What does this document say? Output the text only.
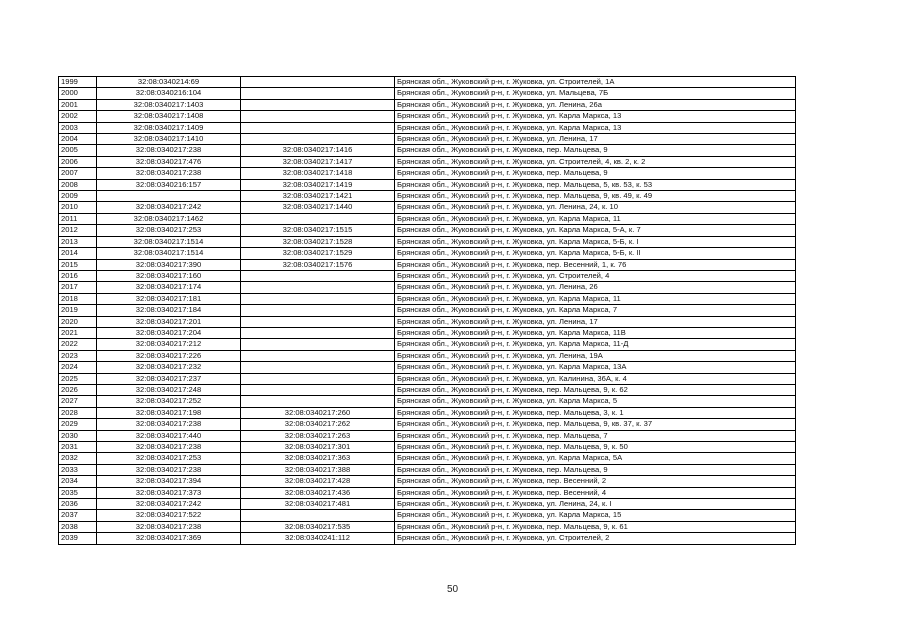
1999	32:08:0340214:69		Брянская обл., Жуковский р-н, г. Жуковка, ул. Строителей, 1А
2000	32:08:0340216:104		Брянская обл., Жуковский р-н, г. Жуковка, ул. Мальцева, 7Б
2001	32:08:0340217:1403		Брянская обл., Жуковский р-н, г. Жуковка, ул. Ленина, 26а
2002	32:08:0340217:1408		Брянская обл., Жуковский р-н, г. Жуковка, ул. Карла Маркса, 13
2003	32:08:0340217:1409		Брянская обл., Жуковский р-н, г. Жуковка, ул. Карла Маркса, 13
2004	32:08:0340217:1410		Брянская обл., Жуковский р-н, г. Жуковка, ул. Ленина, 17
2005	32:08:0340217:238	32:08:0340217:1416	Брянская обл., Жуковский р-н, г. Жуковка, пер. Мальцева, 9
2006	32:08:0340217:476	32:08:0340217:1417	Брянская обл., Жуковский р-н, г. Жуковка, ул. Строителей, 4, кв. 2, к. 2
2007	32:08:0340217:238	32:08:0340217:1418	Брянская обл., Жуковский р-н, г. Жуковка, пер. Мальцева, 9
2008	32:08:0340216:157	32:08:0340217:1419	Брянская обл., Жуковский р-н, г. Жуковка, пер. Мальцева, 5, кв. 53, к. 53
2009		32:08:0340217:1421	Брянская обл., Жуковский р-н, г. Жуковка, пер. Мальцева, 9, кв. 49, к. 49
2010	32:08:0340217:242	32:08:0340217:1440	Брянская обл., Жуковский р-н, г. Жуковка, ул. Ленина, 24, к. 10
2011	32:08:0340217:1462		Брянская обл., Жуковский р-н, г. Жуковка, ул. Карла Маркса, 11
2012	32:08:0340217:253	32:08:0340217:1515	Брянская обл., Жуковский р-н, г. Жуковка, ул. Карла Маркса, 5-А, к. 7
2013	32:08:0340217:1514	32:08:0340217:1528	Брянская обл., Жуковский р-н, г. Жуковка, ул. Карла Маркса, 5-Б, к. I
2014	32:08:0340217:1514	32:08:0340217:1529	Брянская обл., Жуковский р-н, г. Жуковка, ул. Карла Маркса, 5-Б, к. II
2015	32:08:0340217:390	32:08:0340217:1576	Брянская обл., Жуковский р-н, г. Жуковка, пер. Весенний, 1, к. 76
2016	32:08:0340217:160		Брянская обл., Жуковский р-н, г. Жуковка, ул. Строителей, 4
2017	32:08:0340217:174		Брянская обл., Жуковский р-н, г. Жуковка, ул. Ленина, 26
2018	32:08:0340217:181		Брянская обл., Жуковский р-н, г. Жуковка, ул. Карла Маркса, 11
2019	32:08:0340217:184		Брянская обл., Жуковский р-н, г. Жуковка, ул. Карла Маркса, 7
2020	32:08:0340217:201		Брянская обл., Жуковский р-н, г. Жуковка, ул. Ленина, 17
2021	32:08:0340217:204		Брянская обл., Жуковский р-н, г. Жуковка, ул. Карла Маркса, 11В
2022	32:08:0340217:212		Брянская обл., Жуковский р-н, г. Жуковка, ул. Карла Маркса, 11-Д
2023	32:08:0340217:226		Брянская обл., Жуковский р-н, г. Жуковка, ул. Ленина, 19А
2024	32:08:0340217:232		Брянская обл., Жуковский р-н, г. Жуковка, ул. Карла Маркса, 13А
2025	32:08:0340217:237		Брянская обл., Жуковский р-н, г. Жуковка, ул. Калинина, 36А, к. 4
2026	32:08:0340217:248		Брянская обл., Жуковский р-н, г. Жуковка, пер. Мальцева, 9, к. 62
2027	32:08:0340217:252		Брянская обл., Жуковский р-н, г. Жуковка, ул. Карла Маркса, 5
2028	32:08:0340217:198	32:08:0340217:260	Брянская обл., Жуковский р-н, г. Жуковка, пер. Мальцева, 3, к. 1
2029	32:08:0340217:238	32:08:0340217:262	Брянская обл., Жуковский р-н, г. Жуковка, пер. Мальцева, 9, кв. 37, к. 37
2030	32:08:0340217:440	32:08:0340217:263	Брянская обл., Жуковский р-н, г. Жуковка, пер. Мальцева, 7
2031	32:08:0340217:238	32:08:0340217:301	Брянская обл., Жуковский р-н, г. Жуковка, пер. Мальцева, 9, к. 50
2032	32:08:0340217:253	32:08:0340217:363	Брянская обл., Жуковский р-н, г. Жуковка, ул. Карла Маркса, 5А
2033	32:08:0340217:238	32:08:0340217:388	Брянская обл., Жуковский р-н, г. Жуковка, пер. Мальцева, 9
2034	32:08:0340217:394	32:08:0340217:428	Брянская обл., Жуковский р-н, г. Жуковка, пер. Весенний, 2
2035	32:08:0340217:373	32:08:0340217:436	Брянская обл., Жуковский р-н, г. Жуковка, пер. Весенний, 4
2036	32:08:0340217:242	32:08:0340217:481	Брянская обл., Жуковский р-н, г. Жуковка, ул. Ленина, 24, к. I
2037	32:08:0340217:522		Брянская обл., Жуковский р-н, г. Жуковка, ул. Карла Маркса, 15
2038	32:08:0340217:238	32:08:0340217:535	Брянская обл., Жуковский р-н, г. Жуковка, пер. Мальцева, 9, к. 61
2039	32:08:0340217:369	32:08:0340241:112	Брянская обл., Жуковский р-н, г. Жуковка, ул. Строителей, 2
50
